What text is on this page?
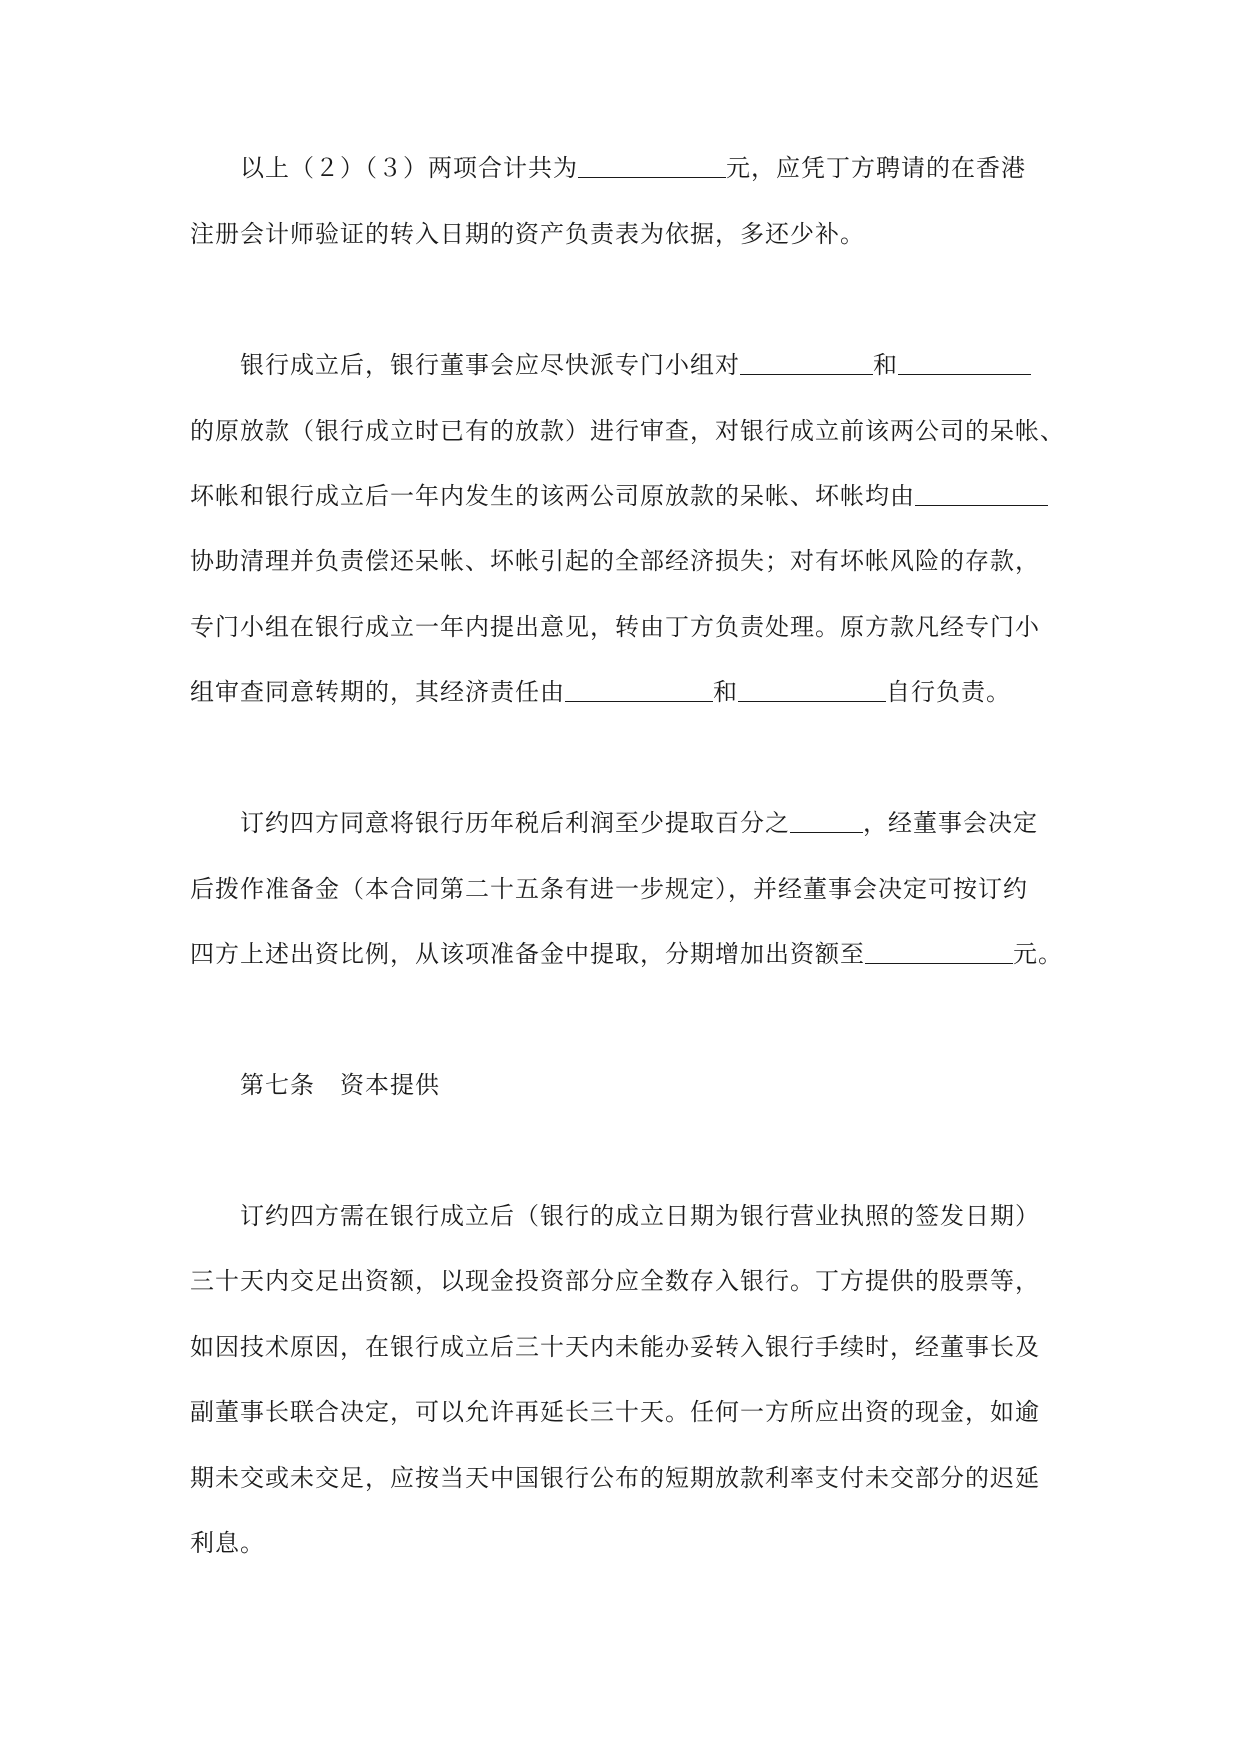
以上（２）（３）两项合计共为	元，应凭丁方聘请的在香港
注册会计师验证的转入日期的资产负责表为依据，多还少补。
银行成立后，银行董事会应尽快派专门小组对	和
的原放款（银行成立时已有的放款）进行审查，对银行成立前该两公司的呆帐、
坏帐和银行成立后一年内发生的该两公司原放款的呆帐、坏帐均由
协助清理并负责偿还呆帐、坏帐引起的全部经济损失；对有坏帐风险的存款，
专门小组在银行成立一年内提出意见，转由丁方负责处理。原方款凡经专门小
组审查同意转期的，其经济责任由	和	自行负责。
订约四方同意将银行历年税后利润至少提取百分之	，经董事会决定
后拨作准备金（本合同第二十五条有进一步规定），并经董事会决定可按订约
四方上述出资比例，从该项准备金中提取，分期增加出资额至	元。
第七条　资本提供
订约四方需在银行成立后（银行的成立日期为银行营业执照的签发日期）
三十天内交足出资额，以现金投资部分应全数存入银行。丁方提供的股票等，
如因技术原因，在银行成立后三十天内未能办妥转入银行手续时，经董事长及
副董事长联合决定，可以允许再延长三十天。任何一方所应出资的现金，如逾
期未交或未交足，应按当天中国银行公布的短期放款利率支付未交部分的迟延
利息。
